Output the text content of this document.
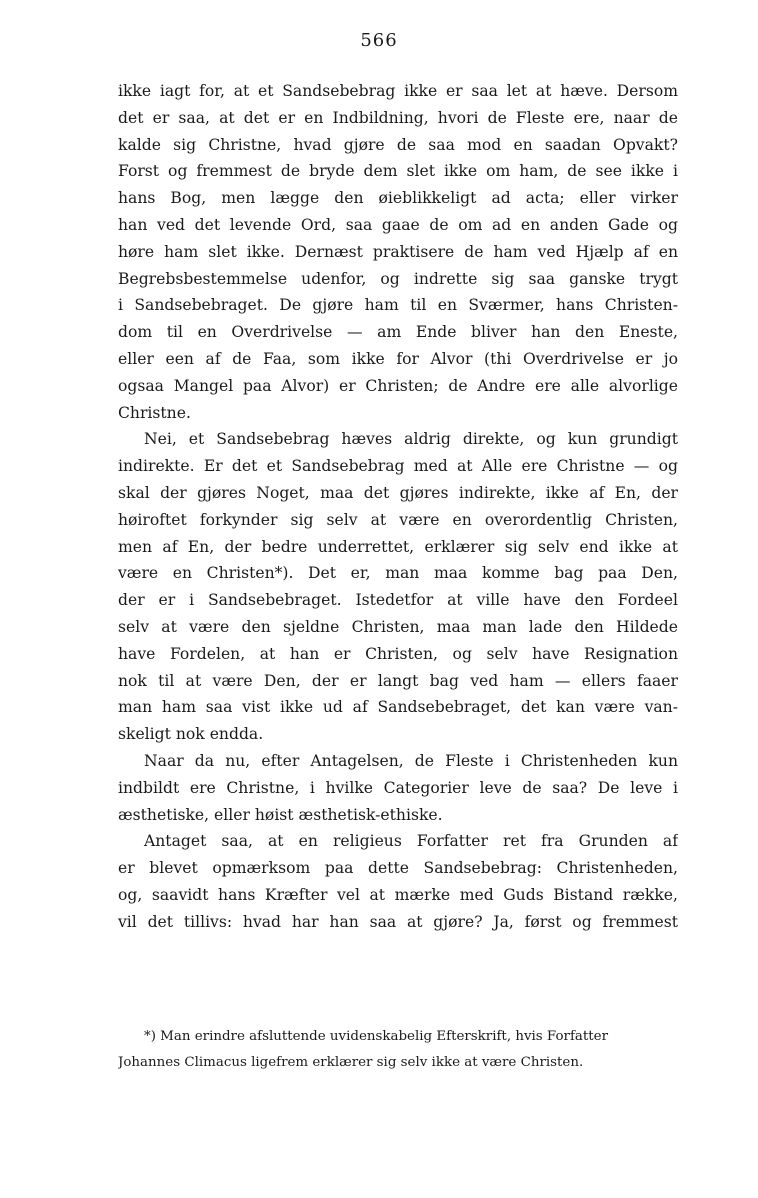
566
ikke iagt for, at et Sandsebebrag ikke er saa let at hæve. Dersom
det er saa, at det er en Indbildning, hvori de Fleste ere, naar de
kalde sig Christne, hvad gjøre de saa mod en saadan Opvakt?
Forst og fremmest de bryde dem slet ikke om ham, de see ikke i
hans Bog, men lægge den øieblikkeligt ad acta; eller virker
han ved det levende Ord, saa gaae de om ad en anden Gade og
høre ham slet ikke. Dernæst praktisere de ham ved Hjælp af en
Begrebsbestemmelse udenfor, og indrette sig saa ganske trygt
i Sandsebebraget. De gjøre ham til en Sværmer, hans Christen-
dom til en Overdrivelse — am Ende bliver han den Eneste,
eller een af de Faa, som ikke for Alvor (thi Overdrivelse er jo
ogsaa Mangel paa Alvor) er Christen; de Andre ere alle alvorlige
Christne.
Nei, et Sandsebebrag hæves aldrig direkte, og kun grundigt
indirekte. Er det et Sandsebebrag med at Alle ere Christne — og
skal der gjøres Noget, maa det gjøres indirekte, ikke af En, der
høiroftet forkynder sig selv at være en overordentlig Christen,
men af En, der bedre underrettet, erklærer sig selv end ikke at
være en Christen*). Det er, man maa komme bag paa Den,
der er i Sandsebebraget. Istedetfor at ville have den Fordeel
selv at være den sjeldne Christen, maa man lade den Hildede
have Fordelen, at han er Christen, og selv have Resignation
nok til at være Den, der er langt bag ved ham — ellers faaer
man ham saa vist ikke ud af Sandsebebraget, det kan være van-
skeligt nok endda.
Naar da nu, efter Antagelsen, de Fleste i Christenheden kun
indbildt ere Christne, i hvilke Categorier leve de saa? De leve i
æsthetiske, eller høist æsthetisk-ethiske.
Antaget saa, at en religieus Forfatter ret fra Grunden af
er blevet opmærksom paa dette Sandsebebrag: Christenheden,
og, saavidt hans Kræfter vel at mærke med Guds Bistand række,
vil det tillivs: hvad har han saa at gjøre? Ja, først og fremmest
*) Man erindre afsluttende uvidenskabelig Efterskrift, hvis Forfatter
Johannes Climacus ligefrem erklærer sig selv ikke at være Christen.
